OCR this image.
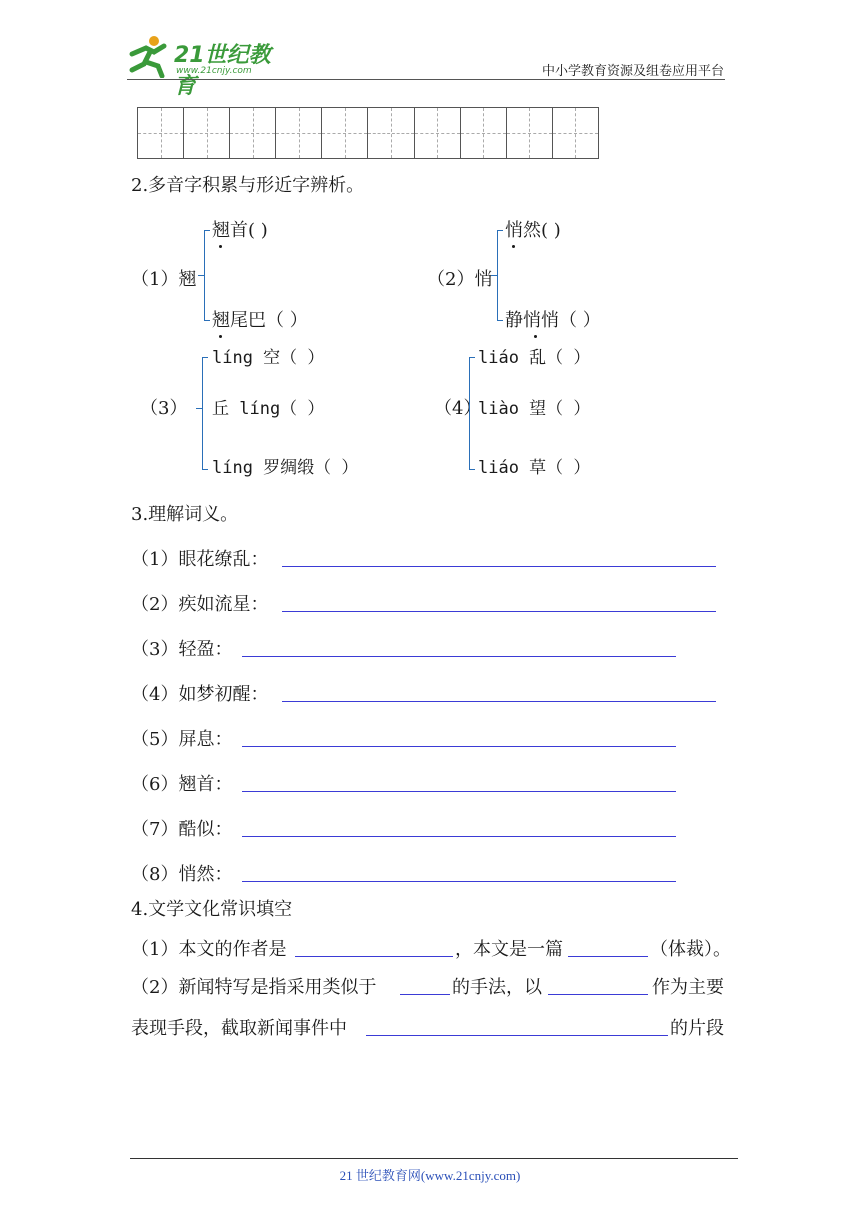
21世纪教育
www.21cnjy.com	中小学教育资源及组卷应用平台
2.多音字积累与形近字辨析。
（1）翘
翘首( )
翘尾巴（ ）
（2）悄
悄然( )
静悄悄（ ）
（3）
líng 空（ ）
丘 líng（ ）
líng 罗绸缎（ ）
（4）
liáo 乱（ ）
liào 望（ ）
liáo 草（ ）
3.理解词义。
（1）眼花缭乱：
（2）疾如流星：
（3）轻盈：
（4）如梦初醒：
（5）屏息：
（6）翘首：
（7）酷似：
（8）悄然：
4.文学文化常识填空
（1）本文的作者是	，本文是一篇	（体裁）。
（2）新闻特写是指采用类似于	的手法，以	作为主要
表现手段，截取新闻事件中	的片段
21 世纪教育网(www.21cnjy.com)
